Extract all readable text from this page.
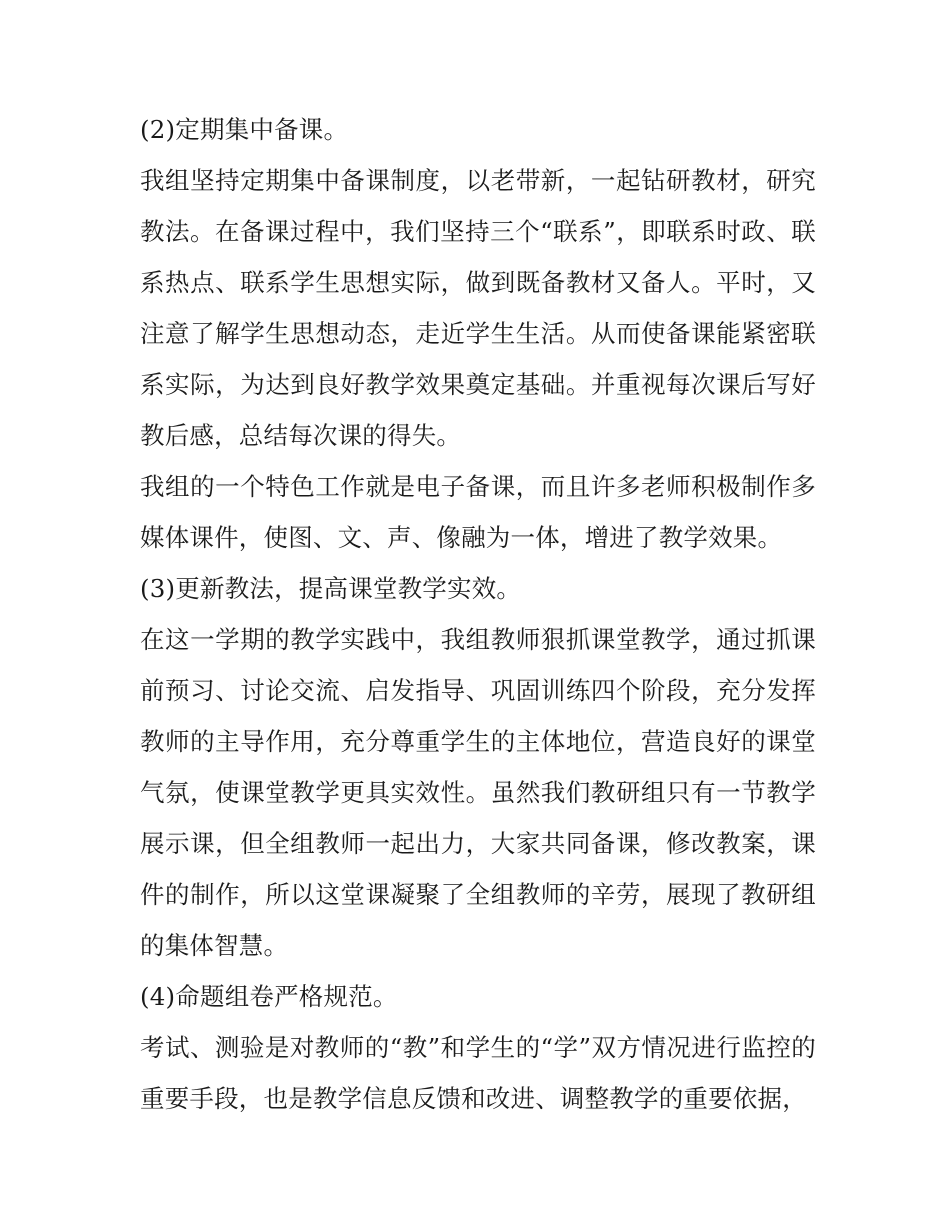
(2)定期集中备课。

我组坚持定期集中备课制度，以老带新，一起钻研教材，研究教法。在备课过程中，我们坚持三个“联系”，即联系时政、联系热点、联系学生思想实际，做到既备教材又备人。平时，又注意了解学生思想动态，走近学生生活。从而使备课能紧密联系实际，为达到良好教学效果奠定基础。并重视每次课后写好教后感，总结每次课的得失。

我组的一个特色工作就是电子备课，而且许多老师积极制作多媒体课件，使图、文、声、像融为一体，增进了教学效果。

(3)更新教法，提高课堂教学实效。

在这一学期的教学实践中，我组教师狠抓课堂教学，通过抓课前预习、讨论交流、启发指导、巩固训练四个阶段，充分发挥教师的主导作用，充分尊重学生的主体地位，营造良好的课堂气氛，使课堂教学更具实效性。虽然我们教研组只有一节教学展示课，但全组教师一起出力，大家共同备课，修改教案，课件的制作，所以这堂课凝聚了全组教师的辛劳，展现了教研组的集体智慧。

(4)命题组卷严格规范。

考试、测验是对教师的“教”和学生的“学”双方情况进行监控的重要手段，也是教学信息反馈和改进、调整教学的重要依据，
